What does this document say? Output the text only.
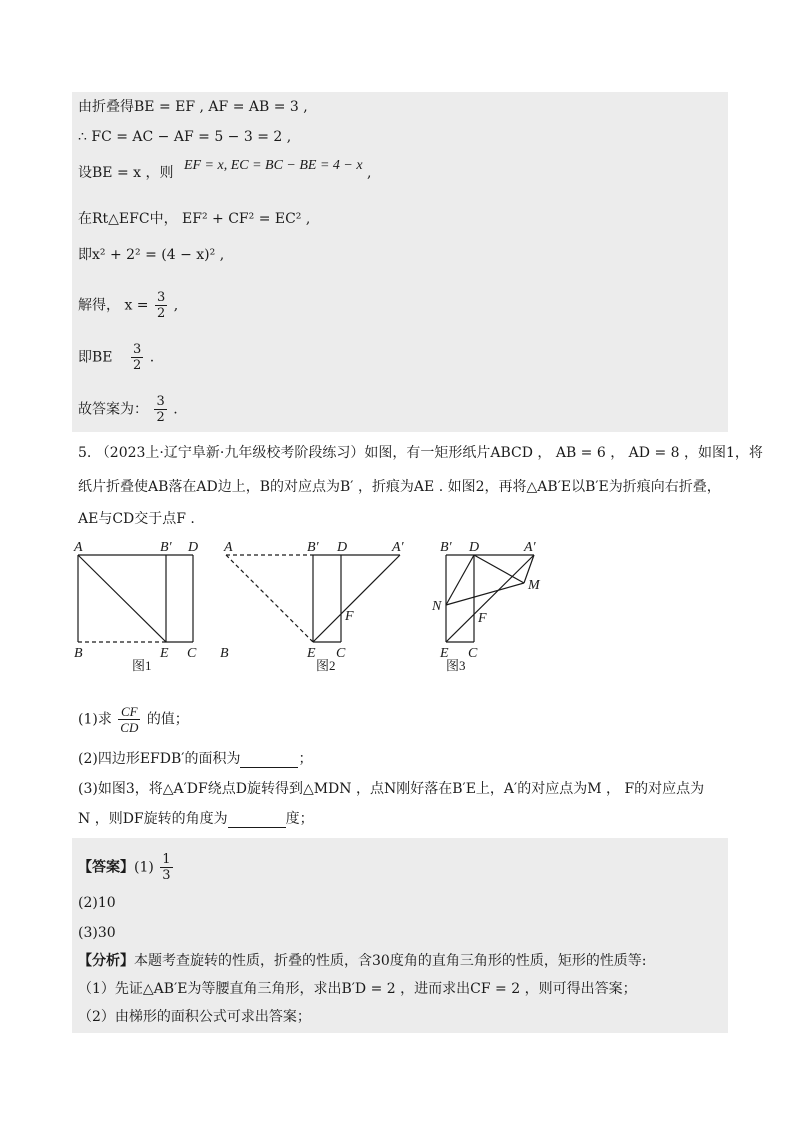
由折叠得BE = EF , AF = AB = 3 ,
∴ FC = AC − AF = 5 − 3 = 2 ,
设BE = x ，则 EF = x, EC = BC − BE = 4 − x ,
在Rt△EFC中， EF² + CF² = EC² ,
即x² + 2² = (4 − x)² ,
解得， $x = \frac{3}{2}$ ,
即BE $\frac{3}{2}$ .
故答案为： $\frac{3}{2}$ .
5. （2023上·辽宁阜新·九年级校考阶段练习）如图，有一矩形纸片ABCD ， AB = 6 ， AD = 8 ，如图1，将
纸片折叠使AB落在AD边上，B的对应点为B′ ，折痕为AE . 如图2，再将△AB′E以B′E为折痕向右折叠，
AE与CD交于点F .
A	B′ D
B	E C
图1
A	B′ D	A′
F
B	E C
图2
B′ D	A′
M
N
F
E C
图3
(1)求 $\frac{CF}{CD}$ 的值；
(2)四边形EFDB′的面积为	；
(3)如图3，将△A′DF绕点D旋转得到△MDN ，点N刚好落在B′E上，A′的对应点为M ， F的对应点为
N ，则DF旋转的角度为	度；
【答案】$(1) \frac{1}{3}$
(2)10
(3)30
【分析】本题考查旋转的性质，折叠的性质，含30度角的直角三角形的性质，矩形的性质等:
（1）先证△AB′E为等腰直角三角形，求出B′D = 2 ，进而求出CF = 2 ，则可得出答案；
（2）由梯形的面积公式可求出答案；
